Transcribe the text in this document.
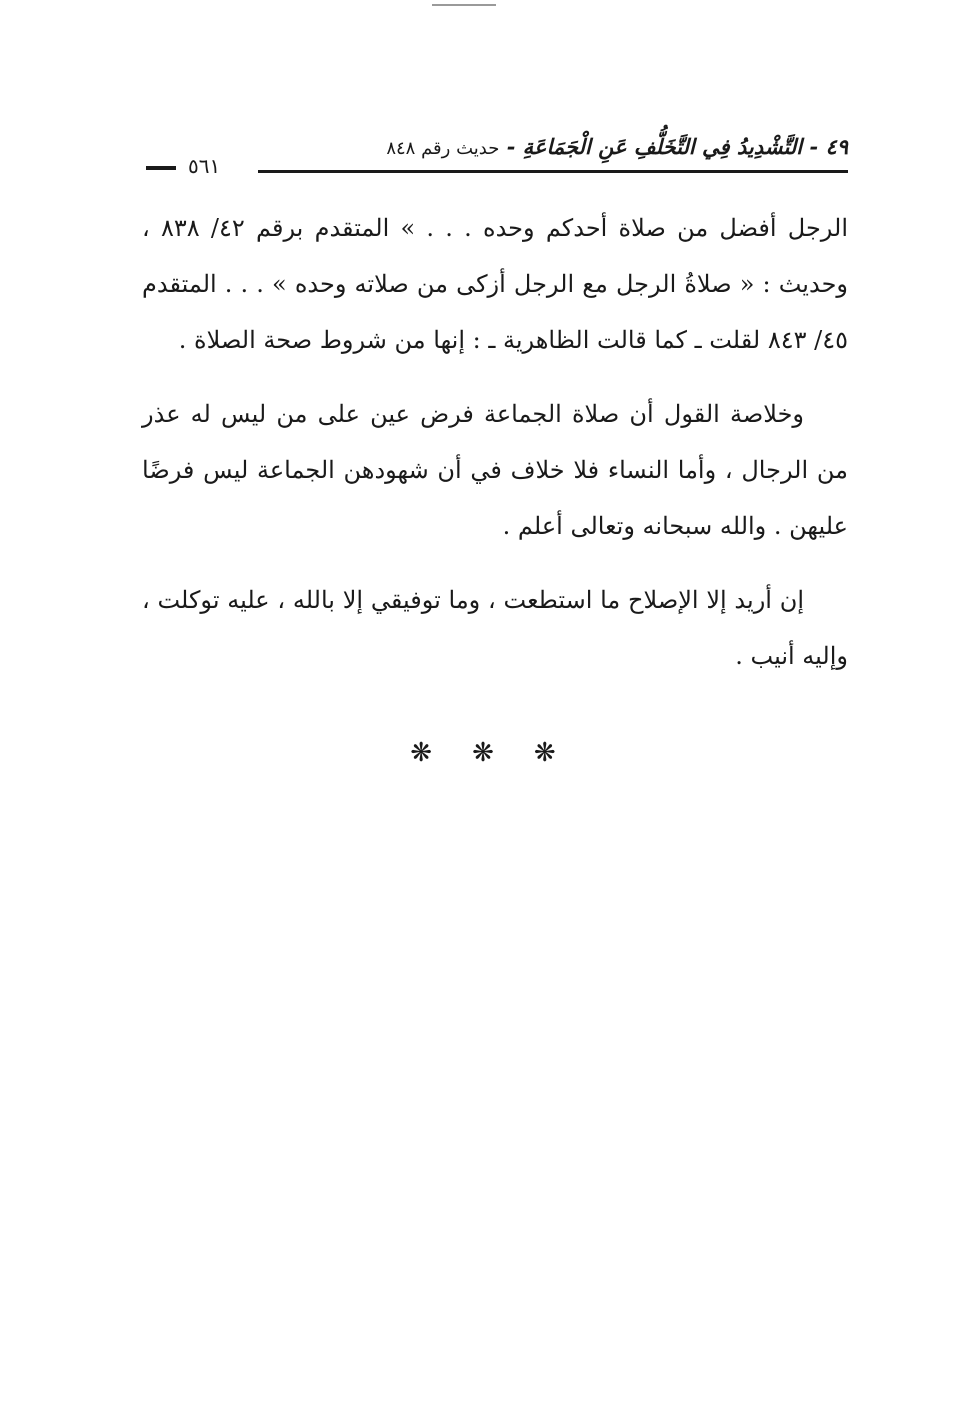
٤٩ - التَّشْدِيدُ فِي التَّخَلُّفِ عَنِ الْجَمَاعَةِ - حديث رقم ٨٤٨
٥٦١

الرجل أفضل من صلاة أحدكم وحده . . . » المتقدم برقم ٤٢/ ٨٣٨ ، وحديث : « صلاةُ الرجل مع الرجل أزكى من صلاته وحده » . . . المتقدم ٤٥/ ٨٤٣ لقلت ـ كما قالت الظاهرية ـ : إنها من شروط صحة الصلاة .

وخلاصة القول أن صلاة الجماعة فرض عين على من ليس له عذر من الرجال ، وأما النساء فلا خلاف في أن شهودهن الجماعة ليس فرضًا عليهن . والله سبحانه وتعالى أعلم .

إن أريد إلا الإصلاح ما استطعت ، وما توفيقي إلا بالله ، عليه توكلت ، وإليه أنيب .

❋❋❋
